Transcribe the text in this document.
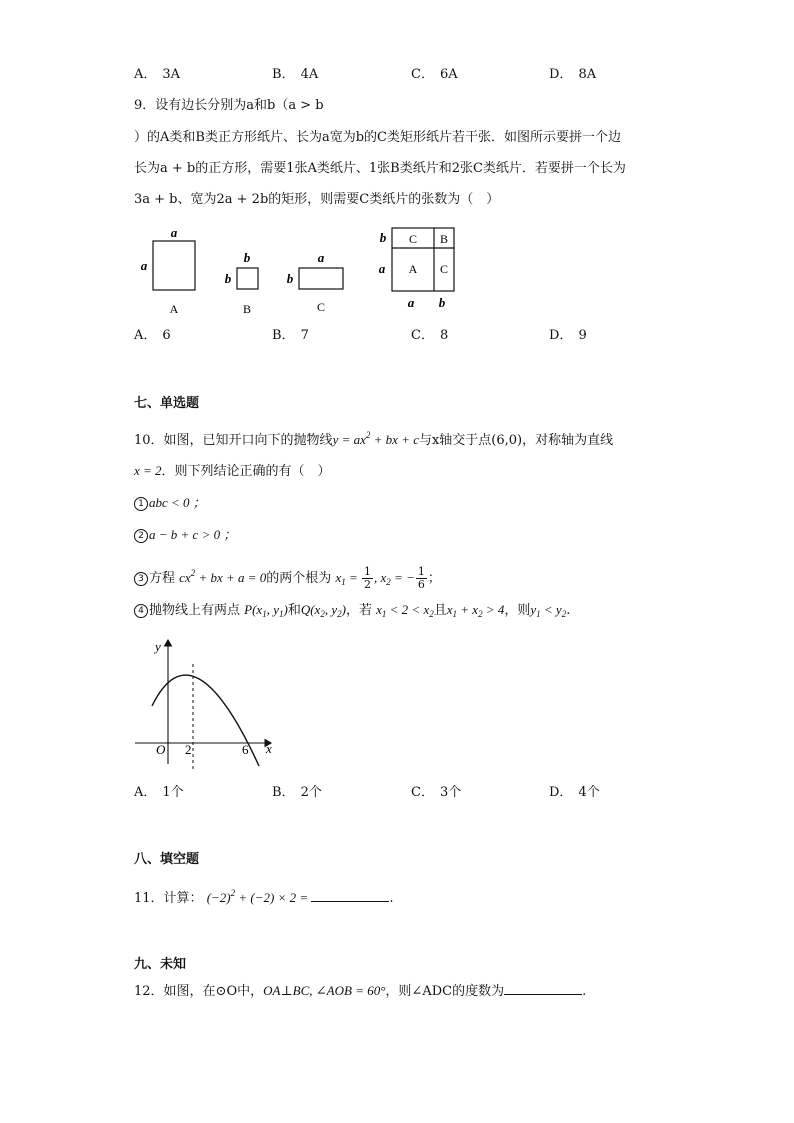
A． 3A	B． 4A	C． 6A	D． 8A
9．设有边长分别为a和b（a > b
）的A类和B类正方形纸片、长为a宽为b的C类矩形纸片若干张．如图所示要拼一个边
长为a + b的正方形，需要1张A类纸片、1张B类纸片和2张C类纸片．若要拼一个长为
3a + b、宽为2a + 2b的矩形，则需要C类纸片的张数为（　）
a
a
A
b
b
B
a
b
C
C B
A C
b
a
a b
A． 6	B． 7	C． 8	D． 9
七、单选题
10．如图，已知开口向下的抛物线$y = ax^2$ + bx + c与x轴交于点(6,0)，对称轴为直线
x = 2．则下列结论正确的有（　）
1 abc < 0 ；
2 a − b + c > 0 ；
3 方程 $cx^2$ + bx + a = 0的两个根为 $x_1 = \frac{1}{2}$ , $x_2$ = − $\frac{1}{6}$ ；
4 抛物线上有两点 $P(x_1$, $y_1$)和$Q(x_2$, $y_2$)，若 $x_1 < 2 < x_2$且$x_1 + x_2 > 4$，则$y_1 < y_2$.
y
x
O 2	6
A． 1个	B． 2个	C． 3个	D． 4个
八、填空题
11．计算： $(-2)^2 + (-2) \times 2$ =	.
九、未知
12．如图，在⊙O中，OA⊥BC, ∠AOB = 60°，则∠ADC的度数为	.
